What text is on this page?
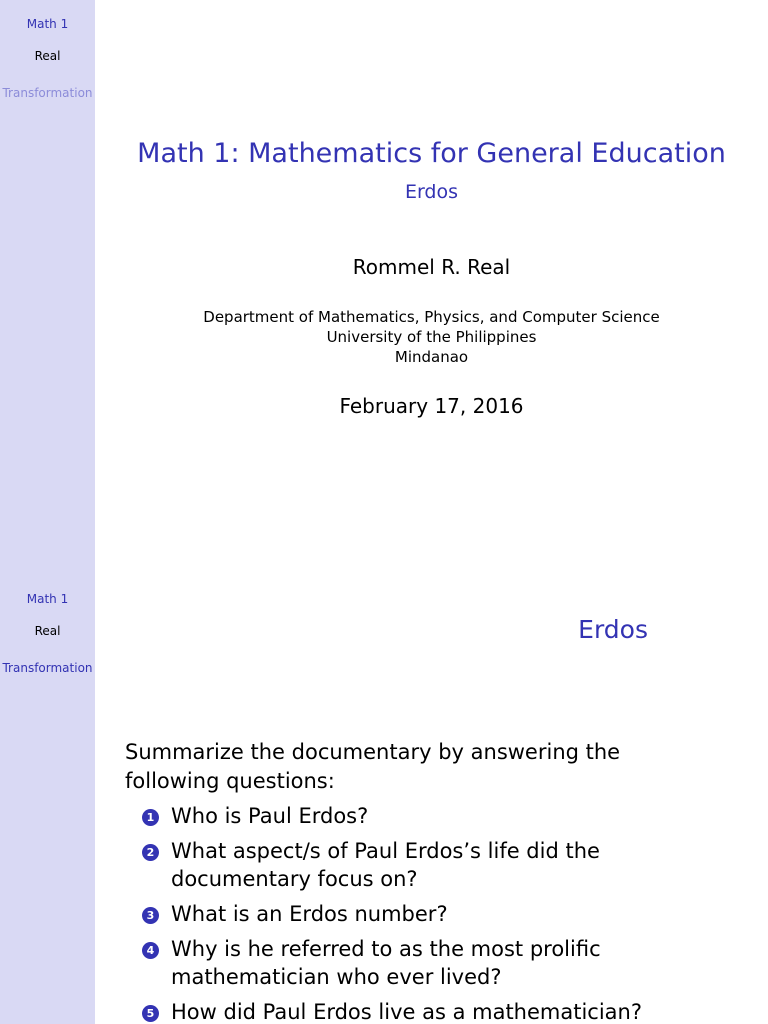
Math 1
Real
Transformation
Math 1: Mathematics for General Education
Erdos
Rommel R. Real
Department of Mathematics, Physics, and Computer Science
University of the Philippines
Mindanao
February 17, 2016
Math 1
Real
Transformation
Erdos
Summarize the documentary by answering the following questions:
1 Who is Paul Erdos?
2 What aspect/s of Paul Erdos’s life did the documentary focus on?
3 What is an Erdos number?
4 Why is he referred to as the most prolific mathematician who ever lived?
5 How did Paul Erdos live as a mathematician?
